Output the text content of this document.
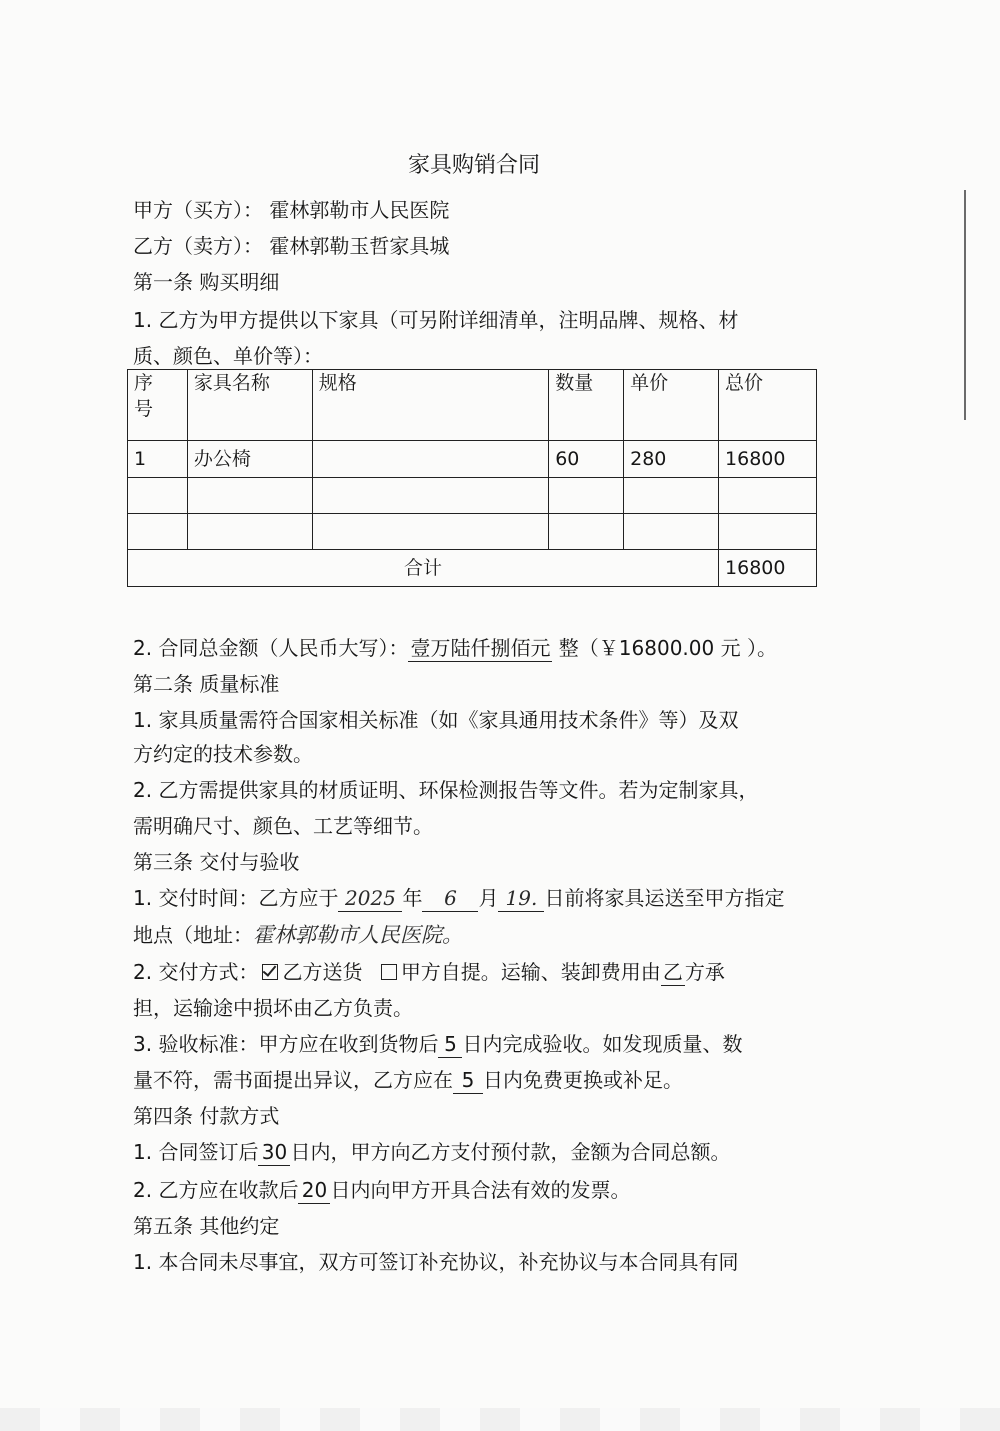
家具购销合同
甲方（买方）： 霍林郭勒市人民医院
乙方（卖方）： 霍林郭勒玉哲家具城
第一条 购买明细
1. 乙方为甲方提供以下家具（可另附详细清单，注明品牌、规格、材
质、颜色、单价等）：
序
号	家具名称	规格	数量	单价	总价
1	办公椅		60	280	16800

合计					16800
2. 合同总金额（人民币大写）： 壹万陆仟捌佰元 整（￥16800.00 元 ）。
第二条 质量标准
1. 家具质量需符合国家相关标准（如《家具通用技术条件》等）及双
方约定的技术参数。
2. 乙方需提供家具的材质证明、环保检测报告等文件。若为定制家具，
需明确尺寸、颜色、工艺等细节。
第三条 交付与验收
1. 交付时间：乙方应于 2025 年 6 月 19. 日前将家具运送至甲方指定
地点（地址：霍林郭勒市人民医院。
2. 交付方式： 乙方送货 甲方自提。运输、装卸费用由 乙 方承
担，运输途中损坏由乙方负责。
3. 验收标准：甲方应在收到货物后 5 日内完成验收。如发现质量、数
量不符，需书面提出异议，乙方应在 5 日内免费更换或补足。
第四条 付款方式
1. 合同签订后 30 日内，甲方向乙方支付预付款，金额为合同总额。
2. 乙方应在收款后 20 日内向甲方开具合法有效的发票。
第五条 其他约定
1. 本合同未尽事宜，双方可签订补充协议，补充协议与本合同具有同
